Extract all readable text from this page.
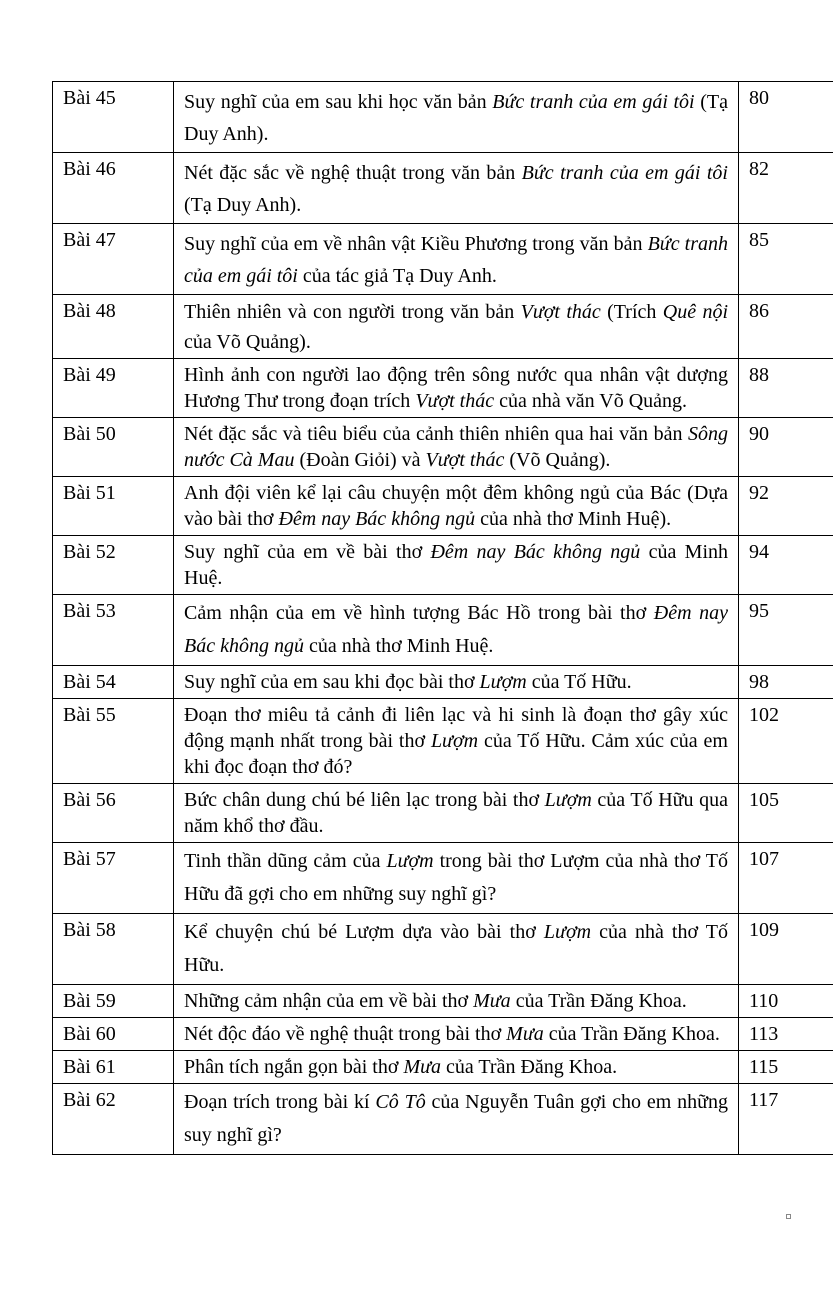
Bài 45	Suy nghĩ của em sau khi học văn bản Bức tranh của em gái tôi (Tạ Duy Anh).	80
Bài 46	Nét đặc sắc về nghệ thuật trong văn bản Bức tranh của em gái tôi (Tạ Duy Anh).	82
Bài 47	Suy nghĩ của em về nhân vật Kiều Phương trong văn bản Bức tranh của em gái tôi của tác giả Tạ Duy Anh.	85
Bài 48	Thiên nhiên và con người trong văn bản Vượt thác (Trích Quê nội của Võ Quảng).	86
Bài 49	Hình ảnh con người lao động trên sông nước qua nhân vật dượng Hương Thư trong đoạn trích Vượt thác của nhà văn Võ Quảng.	88
Bài 50	Nét đặc sắc và tiêu biểu của cảnh thiên nhiên qua hai văn bản Sông nước Cà Mau (Đoàn Giỏi) và Vượt thác (Võ Quảng).	90
Bài 51	Anh đội viên kể lại câu chuyện một đêm không ngủ của Bác (Dựa vào bài thơ Đêm nay Bác không ngủ của nhà thơ Minh Huệ).	92
Bài 52	Suy nghĩ của em về bài thơ Đêm nay Bác không ngủ của Minh Huệ.	94
Bài 53	Cảm nhận của em về hình tượng Bác Hồ trong bài thơ Đêm nay Bác không ngủ của nhà thơ Minh Huệ.	95
Bài 54	Suy nghĩ của em sau khi đọc bài thơ Lượm của Tố Hữu.	98
Bài 55	Đoạn thơ miêu tả cảnh đi liên lạc và hi sinh là đoạn thơ gây xúc động mạnh nhất trong bài thơ Lượm của Tố Hữu. Cảm xúc của em khi đọc đoạn thơ đó?	102
Bài 56	Bức chân dung chú bé liên lạc trong bài thơ Lượm của Tố Hữu qua năm khổ thơ đầu.	105
Bài 57	Tinh thần dũng cảm của Lượm trong bài thơ Lượm của nhà thơ Tố Hữu đã gợi cho em những suy nghĩ gì?	107
Bài 58	Kể chuyện chú bé Lượm dựa vào bài thơ Lượm của nhà thơ Tố Hữu.	109
Bài 59	Những cảm nhận của em về bài thơ Mưa của Trần Đăng Khoa.	110
Bài 60	Nét độc đáo về nghệ thuật trong bài thơ Mưa của Trần Đăng Khoa.	113
Bài 61	Phân tích ngắn gọn bài thơ Mưa của Trần Đăng Khoa.	115
Bài 62	Đoạn trích trong bài kí Cô Tô của Nguyễn Tuân gợi cho em những suy nghĩ gì?	117
